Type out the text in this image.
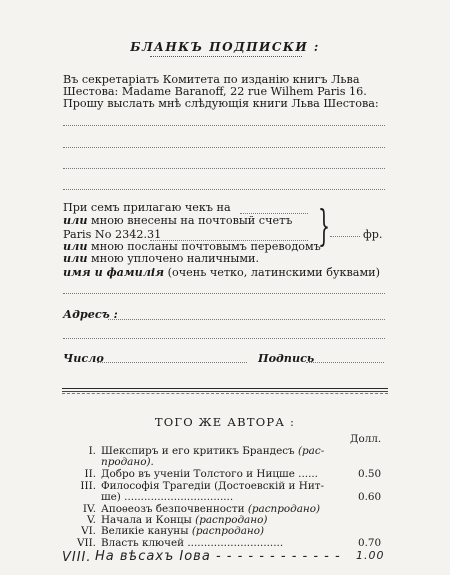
БЛАНКЪ ПОДПИСКИ :
Въ секретаріатъ Комитета по изданію книгъ Льва
Шестова: Madame Baranoff, 22 rue Wilhem Paris 16.
Прошу выслать мнѣ слѣдующія книги Льва Шестова:
При семъ прилагаю чекъ на
или мною внесены на почтовый счетъ
Paris No 2342.31
или мною посланы почтовымъ переводомъ
или мною уплочено наличными.
}	фр.
имя и фамилія (очень четко, латинскими буквами)
Адресъ :
Число	Подпись
ТОГО ЖЕ АВТОРА :
Долл.
I. Шекспиръ и его критикъ Брандесъ (рас-
продано).
II. Добро въ ученіи Толстого и Ницше ......	0.50
III. Философія Трагедіи (Достоевскій и Нит-
ше) .................................	0.60
IV. Апоѳеозъ безпочвенности (распродано)
V. Начала и Концы (распродано)
VI. Великіе кануны (распродано)
VII. Власть ключей .............................	0.70
VIII. На вѣсахъ Іова - - - - - - - - - - - - 1.00
